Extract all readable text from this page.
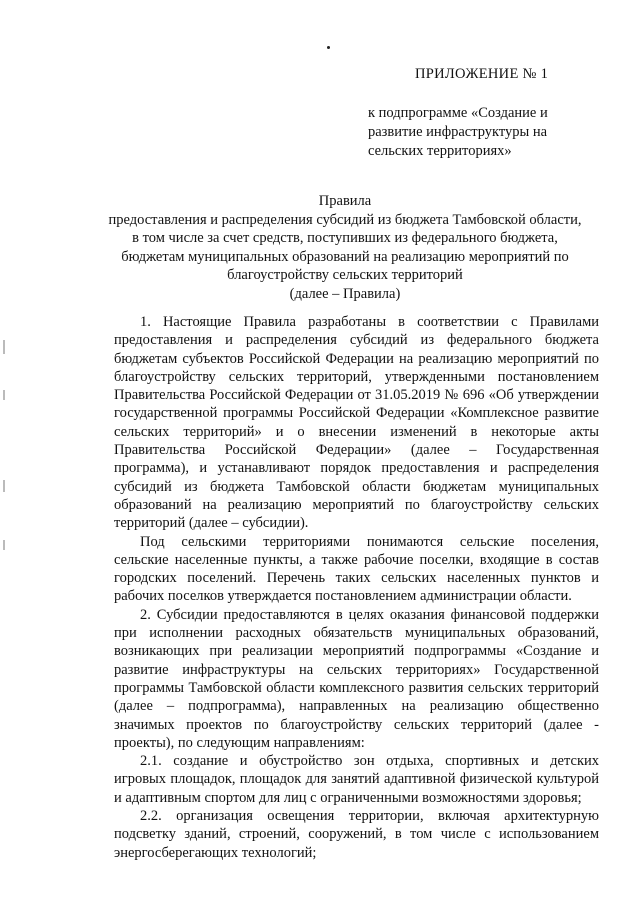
ПРИЛОЖЕНИЕ № 1
к подпрограмме «Создание и
развитие инфраструктуры на
сельских территориях»
Правила
предоставления и распределения субсидий из бюджета Тамбовской области,
в том числе за счет средств, поступивших из федерального бюджета,
бюджетам муниципальных образований на реализацию мероприятий по
благоустройству сельских территорий
(далее – Правила)
1. Настоящие Правила разработаны в соответствии с Правилами
предоставления и распределения субсидий из федерального бюджета
бюджетам субъектов Российской Федерации на реализацию мероприятий по
благоустройству сельских территорий, утвержденными постановлением
Правительства Российской Федерации от 31.05.2019 № 696 «Об утверждении
государственной программы Российской Федерации «Комплексное развитие
сельских территорий» и о внесении изменений в некоторые акты
Правительства Российской Федерации» (далее – Государственная
программа), и устанавливают порядок предоставления и распределения
субсидий из бюджета Тамбовской области бюджетам муниципальных
образований на реализацию мероприятий по благоустройству сельских
территорий (далее – субсидии).
Под сельскими территориями понимаются сельские поселения,
сельские населенные пункты, а также рабочие поселки, входящие в состав
городских поселений. Перечень таких сельских населенных пунктов и
рабочих поселков утверждается постановлением администрации области.
2. Субсидии предоставляются в целях оказания финансовой поддержки
при исполнении расходных обязательств муниципальных образований,
возникающих при реализации мероприятий подпрограммы «Создание и
развитие инфраструктуры на сельских территориях» Государственной
программы Тамбовской области комплексного развития сельских территорий
(далее – подпрограмма), направленных на реализацию общественно
значимых проектов по благоустройству сельских территорий (далее -
проекты), по следующим направлениям:
2.1. создание и обустройство зон отдыха, спортивных и детских
игровых площадок, площадок для занятий адаптивной физической культурой
и адаптивным спортом для лиц с ограниченными возможностями здоровья;
2.2. организация освещения территории, включая архитектурную
подсветку зданий, строений, сооружений, в том числе с использованием
энергосберегающих технологий;
